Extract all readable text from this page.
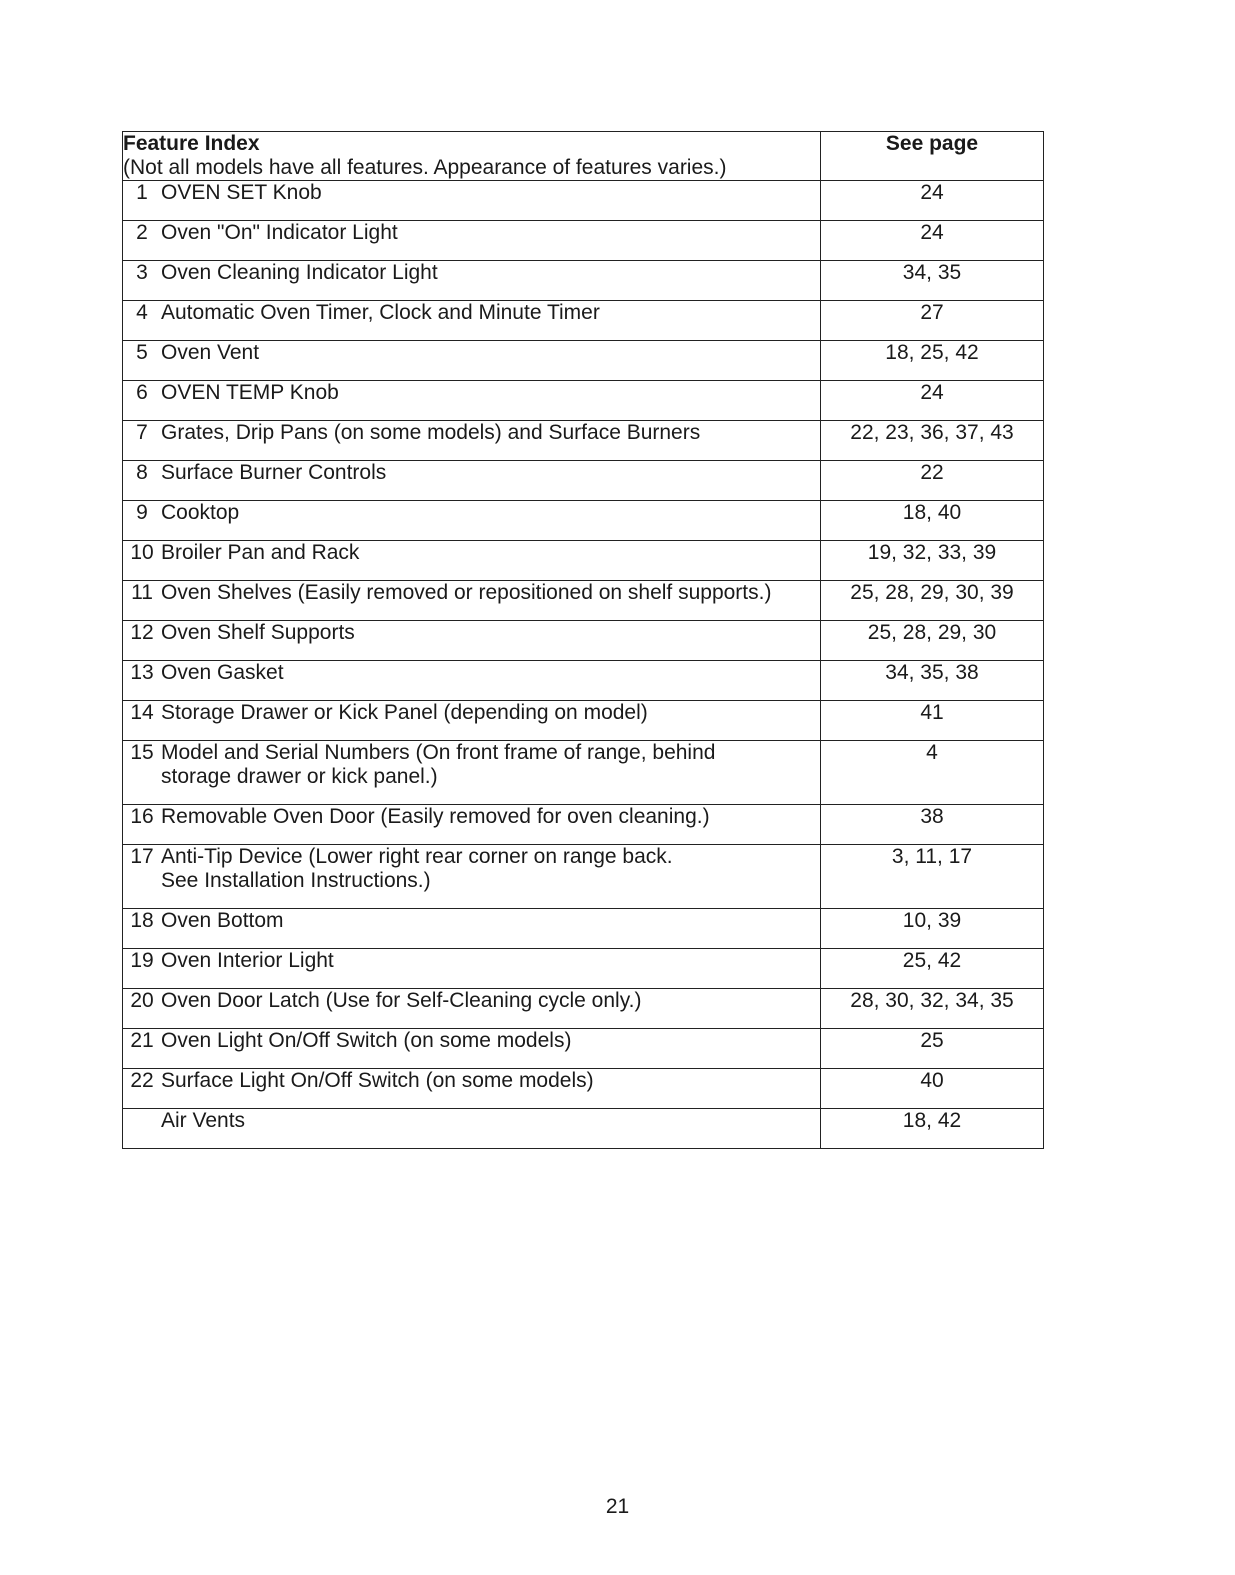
Feature Index
(Not all models have all features. Appearance of features varies.)	See page

1 OVEN SET Knob	24

2 Oven "On" Indicator Light	24

3 Oven Cleaning Indicator Light	34, 35

4 Automatic Oven Timer, Clock and Minute Timer	27

5 Oven Vent	18, 25, 42

6 OVEN TEMP Knob	24

7 Grates, Drip Pans (on some models) and Surface Burners	22, 23, 36, 37, 43

8 Surface Burner Controls	22

9 Cooktop	18, 40

10 Broiler Pan and Rack	19, 32, 33, 39

11 Oven Shelves (Easily removed or repositioned on shelf supports.)	25, 28, 29, 30, 39

12 Oven Shelf Supports	25, 28, 29, 30

13 Oven Gasket	34, 35, 38

14 Storage Drawer or Kick Panel (depending on model)	41

15 Model and Serial Numbers (On front frame of range, behind
storage drawer or kick panel.)	4

16 Removable Oven Door (Easily removed for oven cleaning.)	38

17 Anti-Tip Device (Lower right rear corner on range back.
See Installation Instructions.)	3, 11, 17

18 Oven Bottom	10, 39

19 Oven Interior Light	25, 42

20 Oven Door Latch (Use for Self-Cleaning cycle only.)	28, 30, 32, 34, 35

21 Oven Light On/Off Switch (on some models)	25

22 Surface Light On/Off Switch (on some models)	40

Air Vents	18, 42
21
